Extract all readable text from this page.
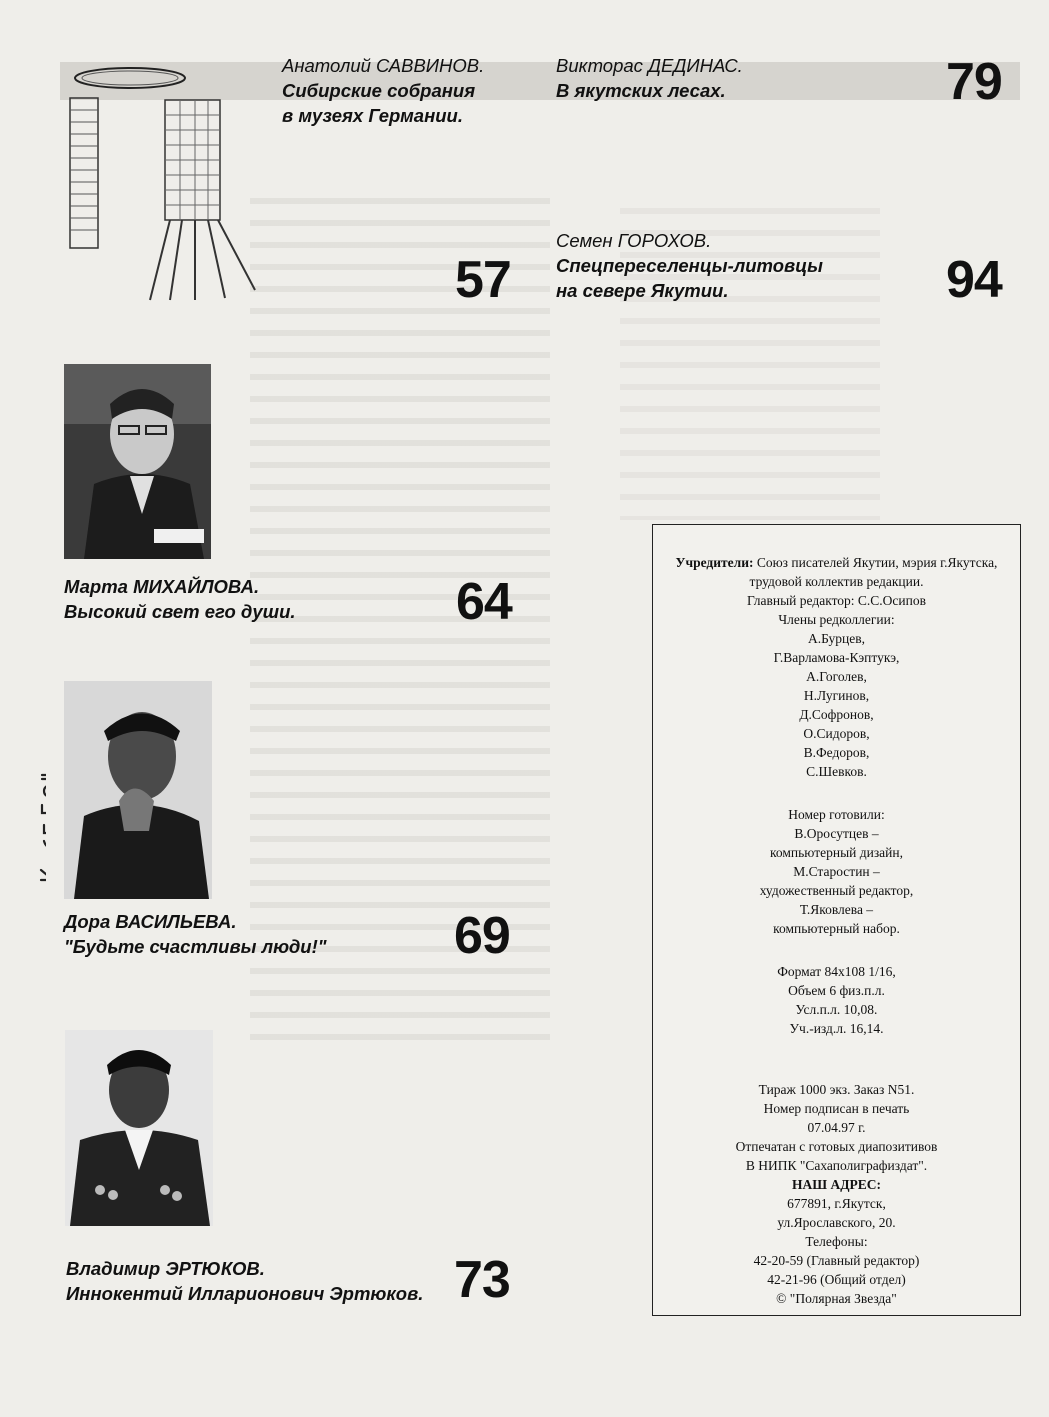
Анатолий САВВИНОВ.
Сибирские собрания
в музеях Германии.
57
Викторас ДЕДИНАС.
В якутских лесах.	79
Семен ГОРОХОВ.
Спецпереселенцы-литовцы
на севере Якутии.	94
Марта МИХАЙЛОВА.
Высокий свет его души.	64
Дора ВАСИЛЬЕВА.
"Будьте счастливы люди!" 69
Владимир ЭРТЮКОВ.
Иннокентий Илларионович Эртюков. 73
Учредители: Союз писателей Якутии, мэрия г.Якутска,
трудовой коллектив редакции.
Главный редактор: С.С.Осипов
Члены редколлегии:
А.Бурцев,
Г.Варламова-Кэптукэ,
А.Гоголев,
Н.Лугинов,
Д.Софронов,
О.Сидоров,
В.Федоров,
С.Шевков.
Номер готовили:
В.Оросутцев –
компьютерный дизайн,
М.Старостин –
художественный редактор,
Т.Яковлева –
компьютерный набор.
Формат 84х108 1/16,
Объем 6 физ.п.л.
Усл.п.л. 10,08.
Уч.-изд.л. 16,14.
Тираж 1000 экз. Заказ N51.
Номер подписан в печать
07.04.97 г.
Отпечатан с готовых диапозитивов
В НИПК "Сахаполиграфиздат".
НАШ АДРЕС:
677891, г.Якутск,
ул.Ярославского, 20.
Телефоны:
42-20-59 (Главный редактор)
42-21-96 (Общий отдел)
© "Полярная Звезда"
